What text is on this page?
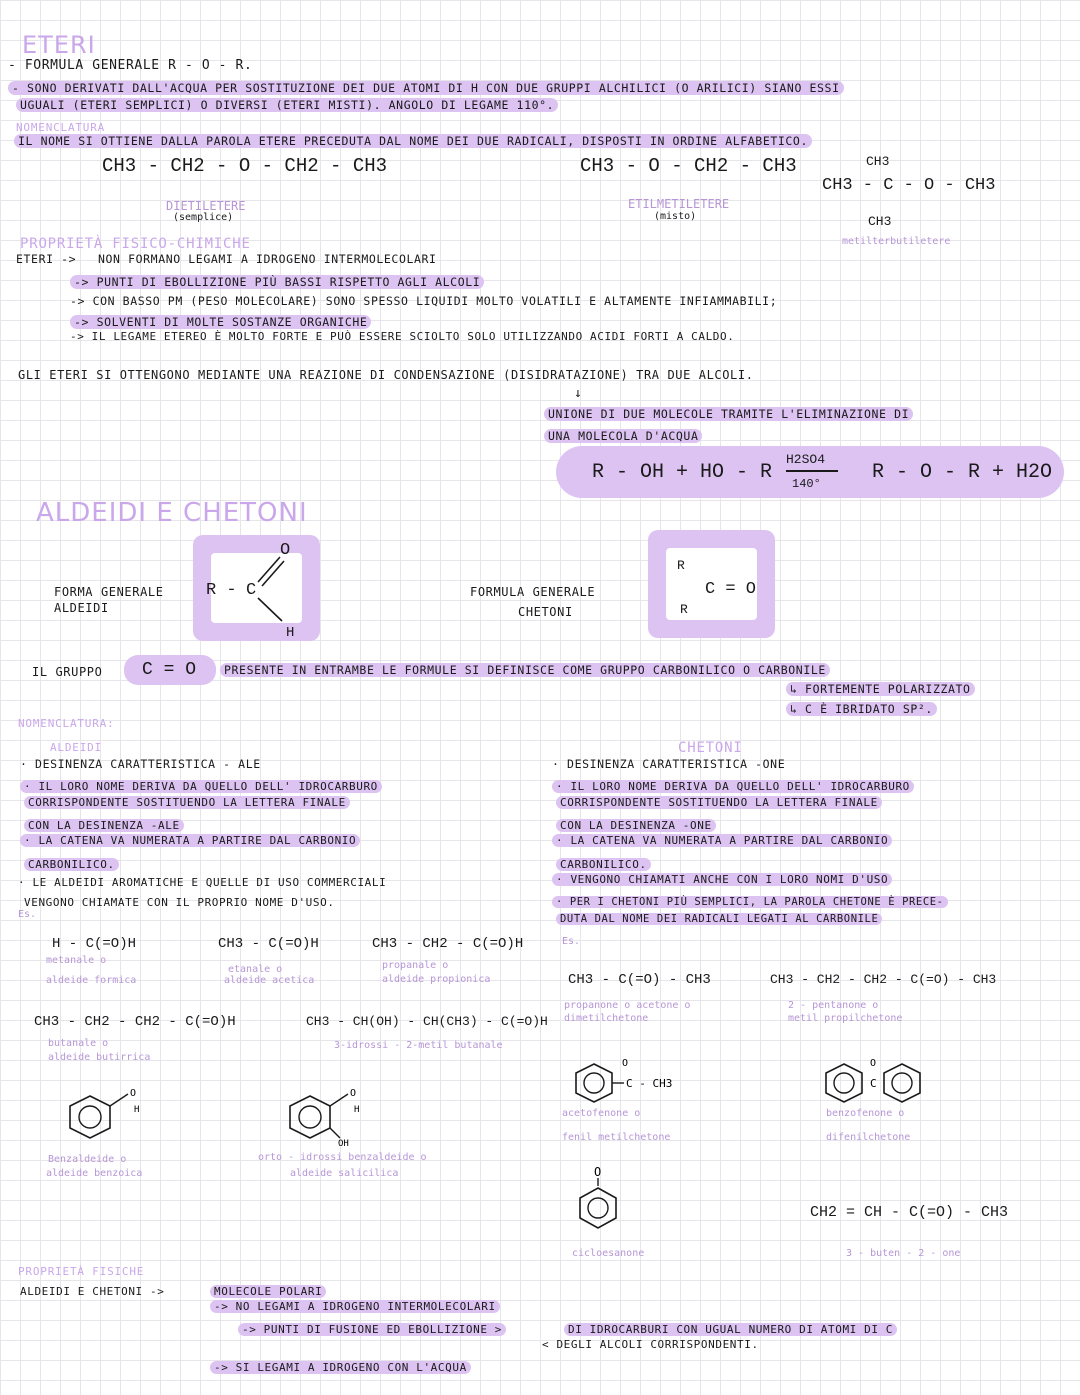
ETERI
- FORMULA GENERALE R - O - R.
- SONO DERIVATI DALL'ACQUA PER SOSTITUZIONE DEI DUE ATOMI DI H CON DUE GRUPPI ALCHILICI (O ARILICI) SIANO ESSI
UGUALI (ETERI SEMPLICI) O DIVERSI (ETERI MISTI). ANGOLO DI LEGAME 110°.
NOMENCLATURA
IL NOME SI OTTIENE DALLA PAROLA ETERE PRECEDUTA DAL NOME DEI DUE RADICALI, DISPOSTI IN ORDINE ALFABETICO.
CH3 - CH2 - O - CH2 - CH3
DIETILETERE
(semplice)
CH3 - O - CH2 - CH3
ETILMETILETERE
(misto)
CH3
CH3 - C - O - CH3
CH3
metilterbutiletere
PROPRIETÀ FISICO-CHIMICHE
ETERI -> NON FORMANO LEGAMI A IDROGENO INTERMOLECOLARI
-> PUNTI DI EBOLLIZIONE PIÙ BASSI RISPETTO AGLI ALCOLI
-> CON BASSO PM (PESO MOLECOLARE) SONO SPESSO LIQUIDI MOLTO VOLATILI E ALTAMENTE INFIAMMABILI;
-> SOLVENTI DI MOLTE SOSTANZE ORGANICHE
-> IL LEGAME ETEREO È MOLTO FORTE E PUÒ ESSERE SCIOLTO SOLO UTILIZZANDO ACIDI FORTI A CALDO.
GLI ETERI SI OTTENGONO MEDIANTE UNA REAZIONE DI CONDENSAZIONE (DISIDRATAZIONE) TRA DUE ALCOLI.
↓
UNIONE DI DUE MOLECOLE TRAMITE L'ELIMINAZIONE DI
UNA MOLECOLA D'ACQUA
R - OH + HO - R
H2SO4
140°	R - O - R + H2O
ALDEIDI E CHETONI
FORMA GENERALE
ALDEIDI
R - C
O
H
FORMULA GENERALE
CHETONI
R
R
C = O
IL GRUPPO C = O	PRESENTE IN ENTRAMBE LE FORMULE SI DEFINISCE COME GRUPPO CARBONILICO O CARBONILE
↳ FORTEMENTE POLARIZZATO
↳ C È IBRIDATO SP².
NOMENCLATURA:
ALDEIDI
· DESINENZA CARATTERISTICA - ALE
· IL LORO NOME DERIVA DA QUELLO DELL' IDROCARBURO
CORRISPONDENTE SOSTITUENDO LA LETTERA FINALE
CON LA DESINENZA -ALE
· LA CATENA VA NUMERATA A PARTIRE DAL CARBONIO
CARBONILICO.
· LE ALDEIDI AROMATICHE E QUELLE DI USO COMMERCIALI
VENGONO CHIAMATE CON IL PROPRIO NOME D'USO.
Es.
H - C(=O)H
metanale o
aldeide formica
CH3 - C(=O)H
etanale o
aldeide acetica
CH3 - CH2 - C(=O)H
propanale o
aldeide propionica
CH3 - CH2 - CH2 - C(=O)H
butanale o
aldeide butirrica
CH3 - CH(OH) - CH(CH3) - C(=O)H
3-idrossi - 2-metil butanale
O
H
Benzaldeide o
aldeide benzoica
O
H
OH
orto - idrossi benzaldeide o
aldeide salicilica
CHETONI
· DESINENZA CARATTERISTICA -ONE
· IL LORO NOME DERIVA DA QUELLO DELL' IDROCARBURO
CORRISPONDENTE SOSTITUENDO LA LETTERA FINALE
CON LA DESINENZA -ONE
· LA CATENA VA NUMERATA A PARTIRE DAL CARBONIO
CARBONILICO.
· VENGONO CHIAMATI ANCHE CON I LORO NOMI D'USO
· PER I CHETONI PIÙ SEMPLICI, LA PAROLA CHETONE È PRECE-
DUTA DAL NOME DEI RADICALI LEGATI AL CARBONILE
Es.
CH3 - C(=O) - CH3
propanone o acetone o
dimetilchetone
CH3 - CH2 - CH2 - C(=O) - CH3
2 - pentanone o
metil propilchetone
O
C - CH3
acetofenone o
fenil metilchetone
O
C
benzofenone o
difenilchetone
O
cicloesanone
CH2 = CH - C(=O) - CH3
3 - buten - 2 - one
PROPRIETÀ FISICHE
ALDEIDI E CHETONI ->	MOLECOLE POLARI
-> NO LEGAMI A IDROGENO INTERMOLECOLARI
-> PUNTI DI FUSIONE ED EBOLLIZIONE >	DI IDROCARBURI CON UGUAL NUMERO DI ATOMI DI C
< DEGLI ALCOLI CORRISPONDENTI.
-> SI LEGAMI A IDROGENO CON L'ACQUA
